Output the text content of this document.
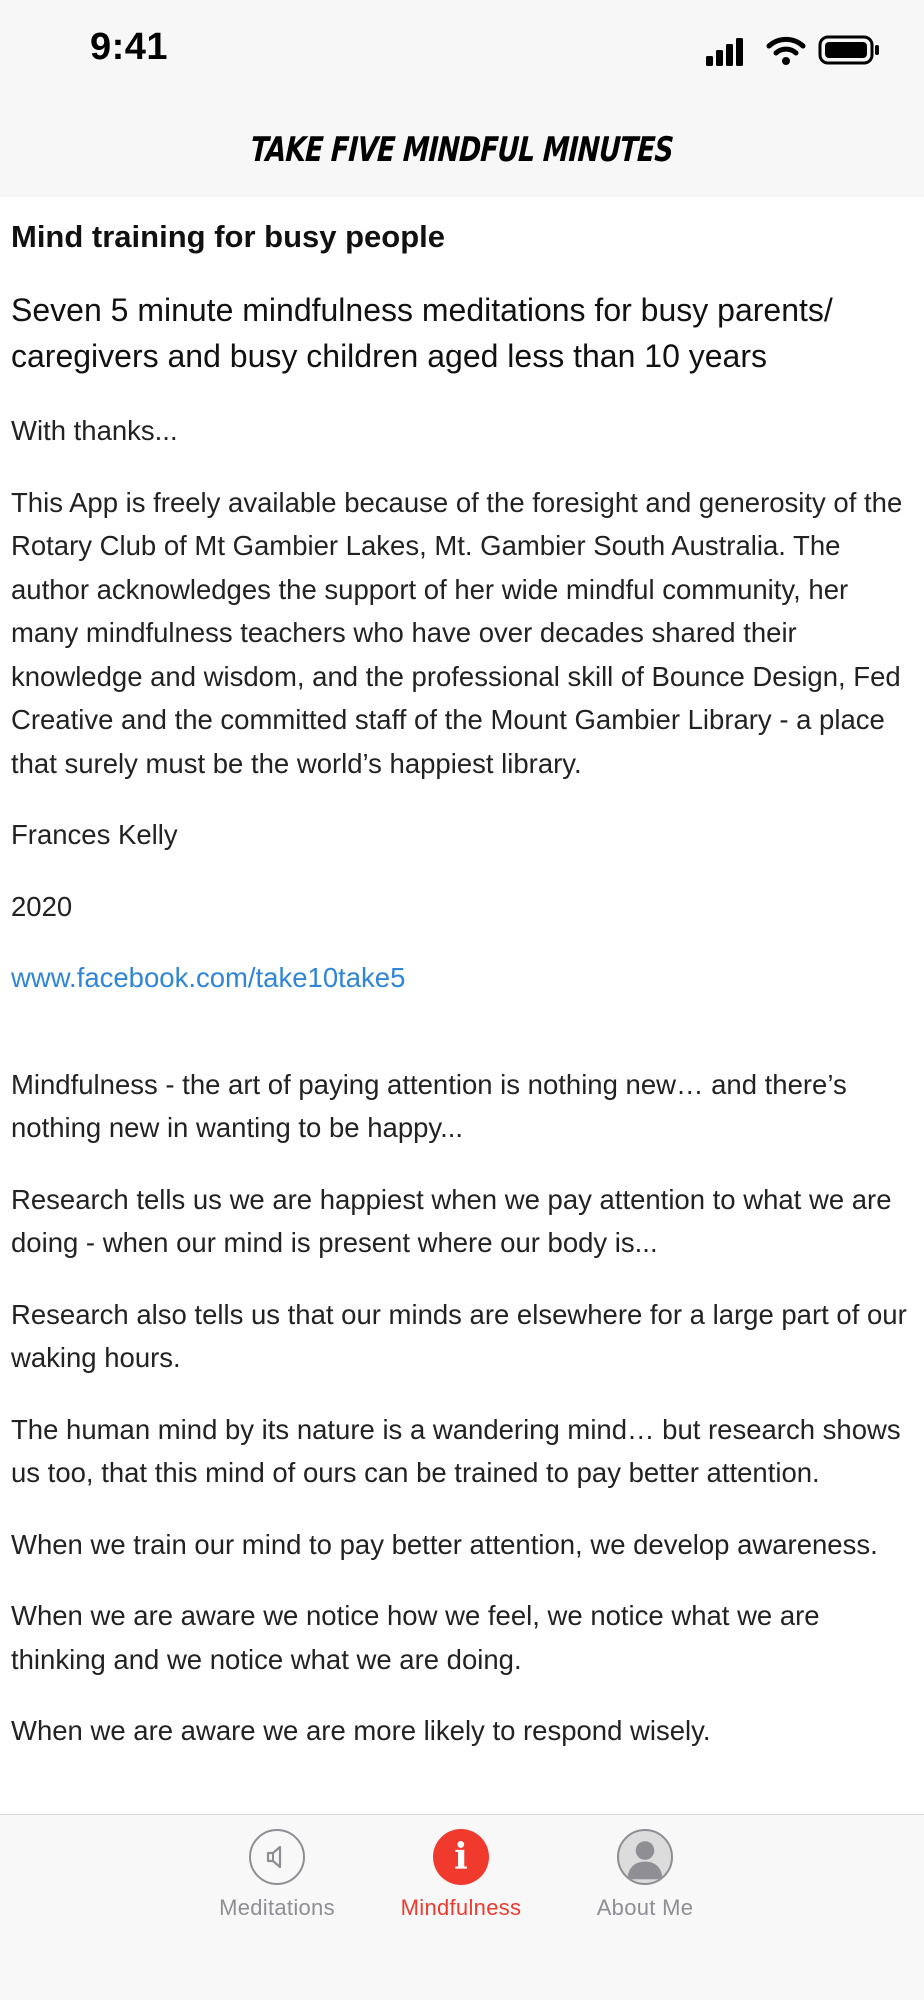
9:41
TAKE FIVE MINDFUL MINUTES
Mind training for busy people
Seven 5 minute mindfulness meditations for busy parents/ caregivers and busy children aged less than 10 years
With thanks...
This App is freely available because of the foresight and generosity of the Rotary Club of Mt Gambier Lakes, Mt. Gambier South Australia. The author acknowledges the support of her wide mindful community, her many mindfulness teachers who have over decades shared their knowledge and wisdom, and the professional skill of Bounce Design, Fed Creative and the committed staff of the Mount Gambier Library - a place that surely must be the world’s happiest library.
Frances Kelly
2020
www.facebook.com/take10take5
Mindfulness - the art of paying attention is nothing new… and there’s nothing new in wanting to be happy...
Research tells us we are happiest when we pay attention to what we are doing - when our mind is present where our body is...
Research also tells us that our minds are elsewhere for a large part of our waking hours.
The human mind by its nature is a wandering mind… but research shows us too, that this mind of ours can be trained to pay better attention.
When we train our mind to pay better attention, we develop awareness.
When we are aware we notice how we feel, we notice what we are thinking and we notice what we are doing.
When we are aware we are more likely to respond wisely.
Meditations
i
Mindfulness	About Me
